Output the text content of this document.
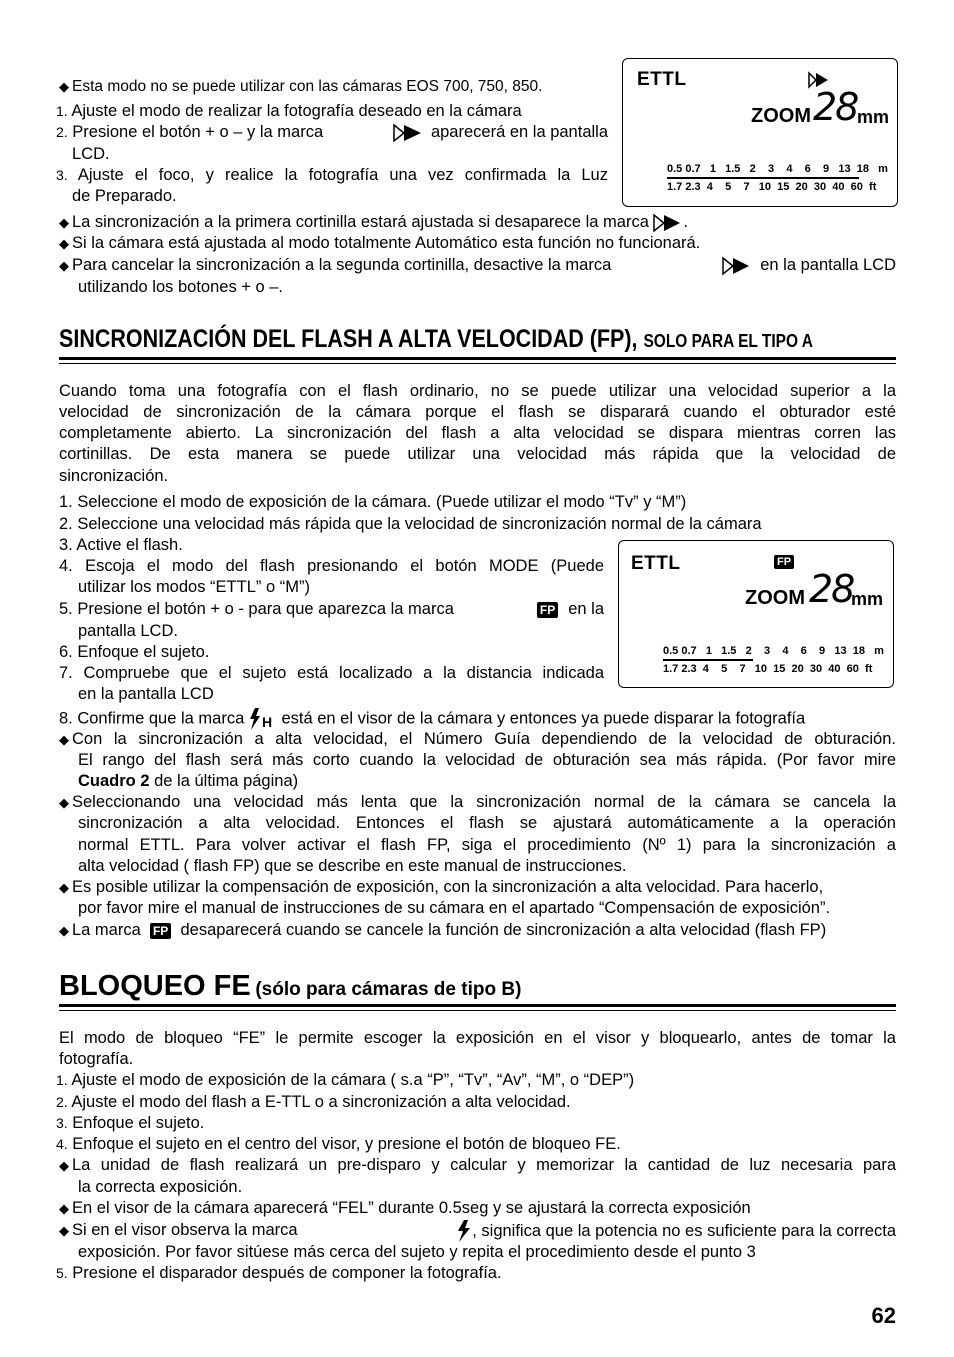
◆ Esta modo no se puede utilizar con las cámaras EOS 700, 750, 850.
1. Ajuste el modo de realizar la fotografía deseado en la cámara
2. Presione el botón + o – y la marca	aparecerá en la pantalla
LCD.
3. Ajuste el foco, y realice la fotografía una vez confirmada la Luz
de Preparado.
ETTL
ZOOM 28 mm
0.5 0.7 1 1.5 2 3 4 6 9 13 18 m
1.7 2.3 4 5 7 10 15 20 30 40 60 ft
◆ La sincronización a la primera cortinilla estará ajustada si desaparece la marca .
◆ Si la cámara está ajustada al modo totalmente Automático esta función no funcionará.
◆ Para cancelar la sincronización a la segunda cortinilla, desactive la marca	en la pantalla LCD
utilizando los botones + o –.
SINCRONIZACIÓN DEL FLASH A ALTA VELOCIDAD (FP), SOLO PARA EL TIPO A
Cuando toma una fotografía con el flash ordinario, no se puede utilizar una velocidad superior a la
velocidad de sincronización de la cámara porque el flash se disparará cuando el obturador esté
completamente abierto. La sincronización del flash a alta velocidad se dispara mientras corren las
cortinillas. De esta manera se puede utilizar una velocidad más rápida que la velocidad de
sincronización.
1. Seleccione el modo de exposición de la cámara. (Puede utilizar el modo “Tv” y “M”)
2. Seleccione una velocidad más rápida que la velocidad de sincronización normal de la cámara
3. Active el flash.
4. Escoja el modo del flash presionando el botón MODE (Puede
utilizar los modos “ETTL” o “M”)
5. Presione el botón + o - para que aparezca la marca	FP en la
pantalla LCD.
6. Enfoque el sujeto.
7. Compruebe que el sujeto está localizado a la distancia indicada
en la pantalla LCD
ETTL	FP
ZOOM 28
mm
0.5 0.7 1 1.5 2 3 4 6 9 13 18 m
1.7 2.3 4 5 7 10 15 20 30 40 60 ft
8. Confirme que la marca H está en el visor de la cámara y entonces ya puede disparar la fotografía
◆ Con la sincronización a alta velocidad, el Número Guía dependiendo de la velocidad de obturación.
El rango del flash será más corto cuando la velocidad de obturación sea más rápida. (Por favor mire
Cuadro 2 de la última página)
◆ Seleccionando una velocidad más lenta que la sincronización normal de la cámara se cancela la
sincronización a alta velocidad. Entonces el flash se ajustará automáticamente a la operación
normal ETTL. Para volver activar el flash FP, siga el procedimiento (Nº 1) para la sincronización a
alta velocidad ( flash FP) que se describe en este manual de instrucciones.
◆ Es posible utilizar la compensación de exposición, con la sincronización a alta velocidad. Para hacerlo,
por favor mire el manual de instrucciones de su cámara en el apartado “Compensación de exposición”.
◆ La marca FP desaparecerá cuando se cancele la función de sincronización a alta velocidad (flash FP)
BLOQUEO FE (sólo para cámaras de tipo B)
El modo de bloqueo “FE” le permite escoger la exposición en el visor y bloquearlo, antes de tomar la
fotografía.
1. Ajuste el modo de exposición de la cámara ( s.a “P”, “Tv”, “Av”, “M”, o “DEP”)
2. Ajuste el modo del flash a E-TTL o a sincronización a alta velocidad.
3. Enfoque el sujeto.
4. Enfoque el sujeto en el centro del visor, y presione el botón de bloqueo FE.
◆ La unidad de flash realizará un pre-disparo y calcular y memorizar la cantidad de luz necesaria para
la correcta exposición.
◆ En el visor de la cámara aparecerá “FEL” durante 0.5seg y se ajustará la correcta exposición
◆ Si en el visor observa la marca	, significa que la potencia no es suficiente para la correcta
exposición. Por favor sitúese más cerca del sujeto y repita el procedimiento desde el punto 3
5. Presione el disparador después de componer la fotografía.
62
